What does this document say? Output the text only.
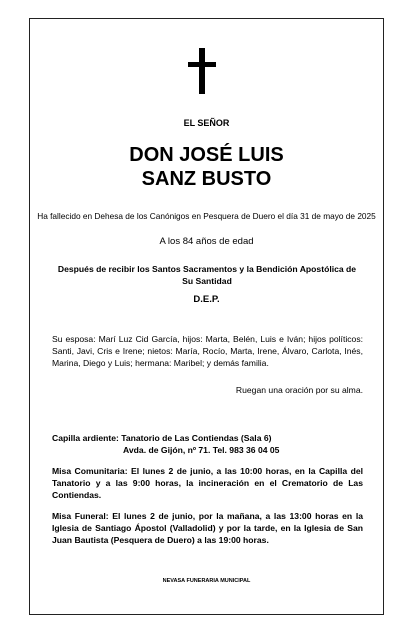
EL SEÑOR
DON JOSÉ LUIS
SANZ BUSTO
Ha fallecido en Dehesa de los Canónigos en Pesquera de Duero el día 31 de mayo de 2025
A los 84 años de edad
Después de recibir los Santos Sacramentos y la Bendición Apostólica de
Su Santidad
D.E.P.
Su esposa: Marí Luz Cid García, hijos: Marta, Belén, Luis e Iván; hijos políticos: Santi, Javi, Cris e Irene; nietos: María, Rocío, Marta, Irene, Álvaro, Carlota, Inés, Marina, Diego y Luis; hermana: Maribel; y demás familia.
Ruegan una oración por su alma.
Capilla ardiente: Tanatorio de Las Contiendas (Sala 6)
Avda. de Gijón, nº 71. Tel. 983 36 04 05
Misa Comunitaria: El lunes 2 de junio, a las 10:00 horas, en la Capilla del Tanatorio y a las 9:00 horas, la incineración en el Crematorio de Las Contiendas.
Misa Funeral: El lunes 2 de junio, por la mañana, a las 13:00 horas en la Iglesia de Santiago Ápostol (Valladolid) y por la tarde, en la Iglesia de San Juan Bautista (Pesquera de Duero) a las 19:00 horas.
NEVASA FUNERARIA MUNICIPAL
